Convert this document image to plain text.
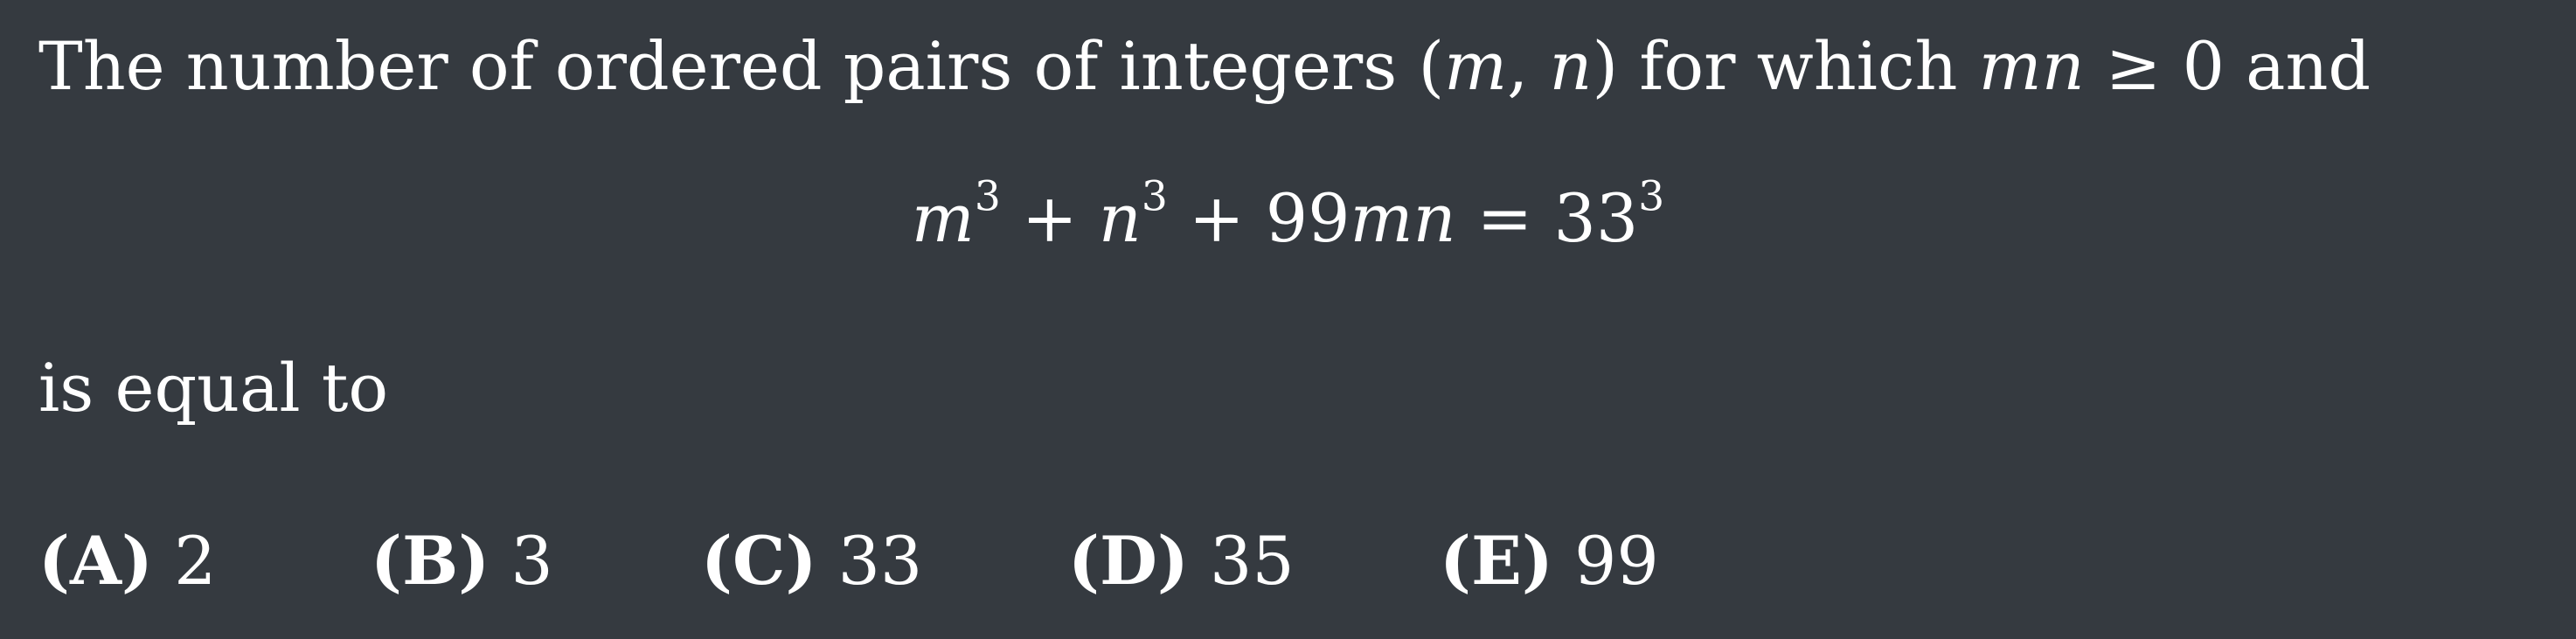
The number of ordered pairs of integers (m, n) for which mn ≥ 0 and
$m^3 + n^3 + 99mn = 33^3$
is equal to
(A) 2 (B) 3 (C) 33 (D) 35 (E) 99
